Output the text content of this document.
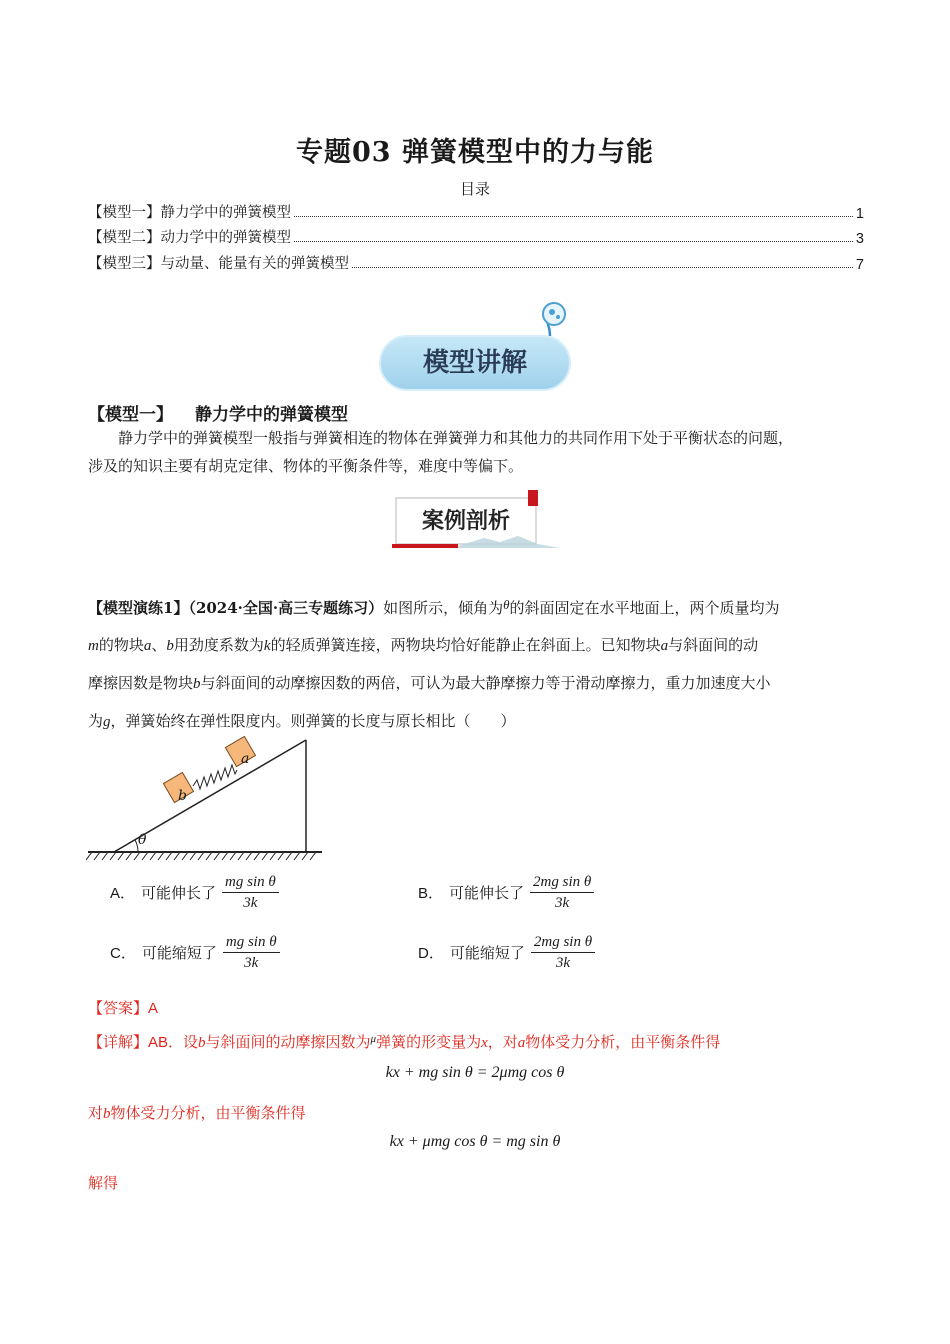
专题03 弹簧模型中的力与能
目录
【模型一】静力学中的弹簧模型	1
【模型二】动力学中的弹簧模型	3
【模型三】与动量、能量有关的弹簧模型	7
模型讲解
【模型一】 静力学中的弹簧模型
静力学中的弹簧模型一般指与弹簧相连的物体在弹簧弹力和其他力的共同作用下处于平衡状态的问题，
涉及的知识主要有胡克定律、物体的平衡条件等，难度中等偏下。
案例剖析
【模型演练1】（2024·全国·高三专题练习）如图所示，倾角为θ的斜面固定在水平地面上，两个质量均为
m的物块a、b用劲度系数为k的轻质弹簧连接，两物块均恰好能静止在斜面上。已知物块a与斜面间的动
摩擦因数是物块b与斜面间的动摩擦因数的两倍，可认为最大静摩擦力等于滑动摩擦力，重力加速度大小
为g，弹簧始终在弹性限度内。则弹簧的长度与原长相比（　　）
b
a
θ
A． 可能伸长了 $\frac{\text{mg sin θ}}{3k}$	B． 可能伸长了 $\frac{\text{2mg sin θ}}{3k}$
C． 可能缩短了 $\frac{\text{mg sin θ}}{3k}$	D． 可能缩短了 $\frac{\text{2mg sin θ}}{3k}$
【答案】A
【详解】AB．设b与斜面间的动摩擦因数为$^\mu$弹簧的形变量为x，对a物体受力分析，由平衡条件得
kx + mg sin θ = 2μmg cos θ
对b物体受力分析，由平衡条件得
kx + μmg cos θ = mg sin θ
解得
